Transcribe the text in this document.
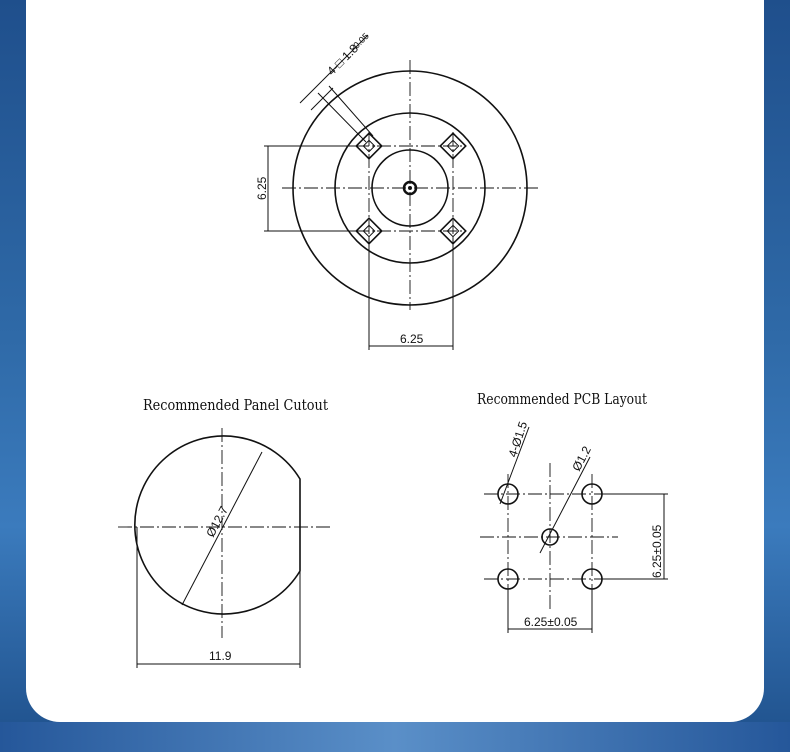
4-□ 1.8
0.05
6.25
6.25
Recommended Panel Cutout
Ø12.7
11.9
Recommended PCB Layout
4-Ø1.5	Ø1.2
6.25±0.05
6.25±0.05
